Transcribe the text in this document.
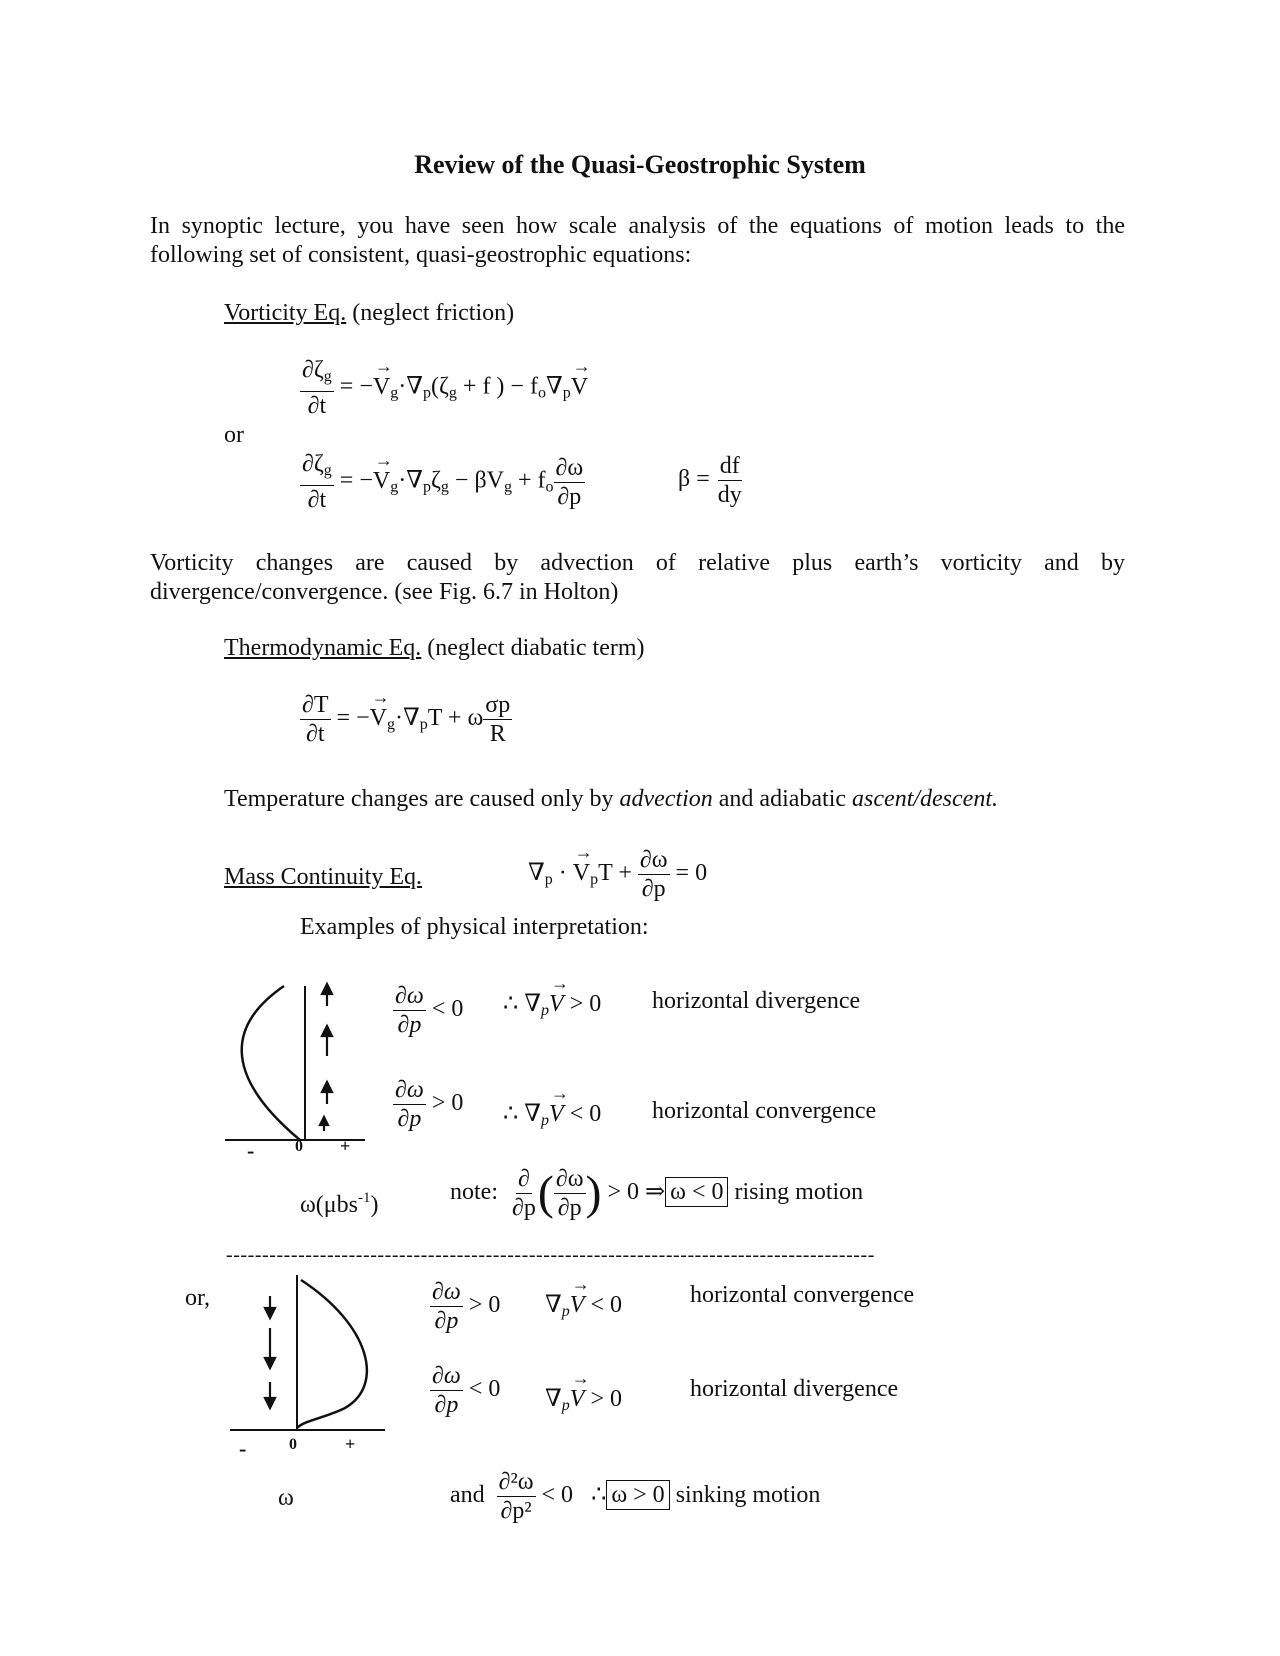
Review of the Quasi-Geostrophic System
In synoptic lecture, you have seen how scale analysis of the equations of motion leads to the
following set of consistent, quasi-geostrophic equations:
Vorticity Eq. (neglect friction)
$\frac{\partial\zeta_g}{\partial t}$ = −→ $V_g\cdot\nabla_p(\zeta_g + f$ ) − $f_o\nabla_p\to V$
or
$\frac{\partial\zeta_g}{\partial t}$ = −→ $V_g\cdot\nabla_p\zeta_g - \beta V_g + f_o \frac{\partial\omega}{\partial p}$	$\beta = \frac{df}{dy}$
Vorticity changes are caused by advection of relative plus earth’s vorticity and by
divergence/convergence. (see Fig. 6.7 in Holton)
Thermodynamic Eq. (neglect diabatic term)
$\frac{\partial T}{\partial t}$ = −→ $V_g\cdot\nabla_pT + \omega \frac{\sigma p}{R}$
Temperature changes are caused only by advection and adiabatic ascent/descent.
Mass Continuity Eq.	$\nabla_p$ · → $V_pT + \frac{\partial\omega}{\partial p} = 0$
Examples of physical interpretation:
-	0 +
ω(μbs$^{-1}$)
$\frac{\partial\omega}{\partial p} < 0$ ∴ $\nabla_p\to V > 0$ horizontal divergence
$\frac{\partial\omega}{\partial p} > 0$ ∴ $\nabla_p\to V < 0$ horizontal convergence
note: $\frac{\partial}{\partial p}$ ( $\frac{\partial\omega}{\partial p}$ ) > 0 ⇒ ω < 0 rising motion
------------------------------------------------------------------------------------------
or,
-	0	+
ω
$\frac{\partial\omega}{\partial p} > 0$ $\nabla_p\to V < 0$	horizontal convergence
$\frac{\partial\omega}{\partial p} < 0$ $\nabla_p\to V > 0$	horizontal divergence
and $\frac{\text{∂²ω}}{\text{∂p²}} < 0$ ∴ ω > 0 sinking motion
